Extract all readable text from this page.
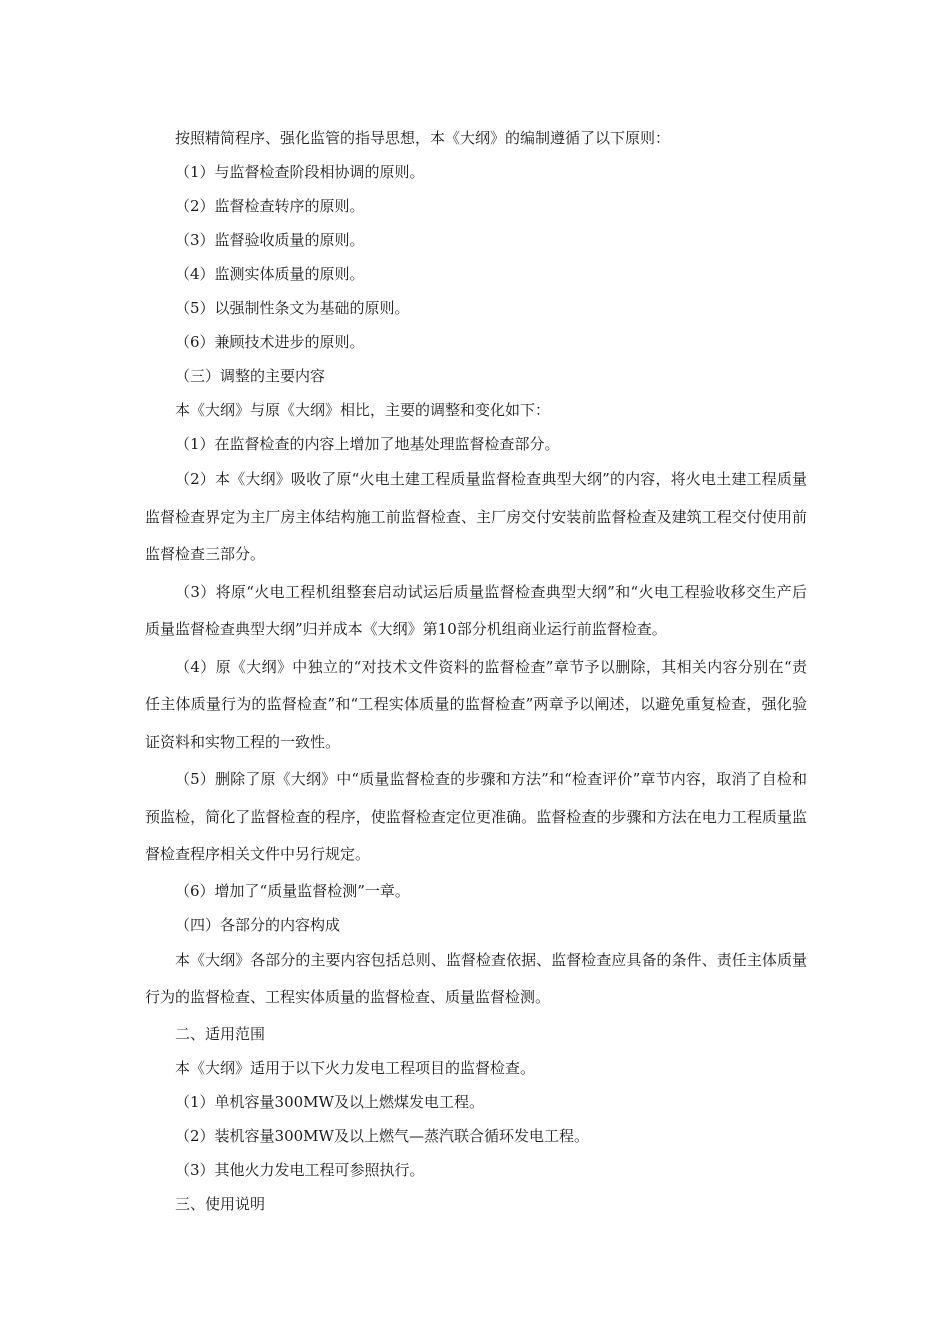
按照精简程序、强化监管的指导思想，本《大纲》的编制遵循了以下原则：

（1）与监督检查阶段相协调的原则。

（2）监督检查转序的原则。

（3）监督验收质量的原则。

（4）监测实体质量的原则。

（5）以强制性条文为基础的原则。

（6）兼顾技术进步的原则。

（三）调整的主要内容

本《大纲》与原《大纲》相比，主要的调整和变化如下：

（1）在监督检查的内容上增加了地基处理监督检查部分。

（2）本《大纲》吸收了原“火电土建工程质量监督检查典型大纲”的内容，将火电土建工程质量监督检查界定为主厂房主体结构施工前监督检查、主厂房交付安装前监督检查及建筑工程交付使用前监督检查三部分。

（3）将原“火电工程机组整套启动试运后质量监督检查典型大纲”和“火电工程验收移交生产后质量监督检查典型大纲”归并成本《大纲》第10部分机组商业运行前监督检查。

（4）原《大纲》中独立的“对技术文件资料的监督检查”章节予以删除，其相关内容分别在“责任主体质量行为的监督检查”和“工程实体质量的监督检查”两章予以阐述，以避免重复检查，强化验证资料和实物工程的一致性。

（5）删除了原《大纲》中“质量监督检查的步骤和方法”和“检查评价”章节内容，取消了自检和预监检，简化了监督检查的程序，使监督检查定位更准确。监督检查的步骤和方法在电力工程质量监督检查程序相关文件中另行规定。

（6）增加了“质量监督检测”一章。

（四）各部分的内容构成

本《大纲》各部分的主要内容包括总则、监督检查依据、监督检查应具备的条件、责任主体质量行为的监督检查、工程实体质量的监督检查、质量监督检测。

二、适用范围

本《大纲》适用于以下火力发电工程项目的监督检查。

（1）单机容量300MW及以上燃煤发电工程。

（2）装机容量300MW及以上燃气—蒸汽联合循环发电工程。

（3）其他火力发电工程可参照执行。

三、使用说明
